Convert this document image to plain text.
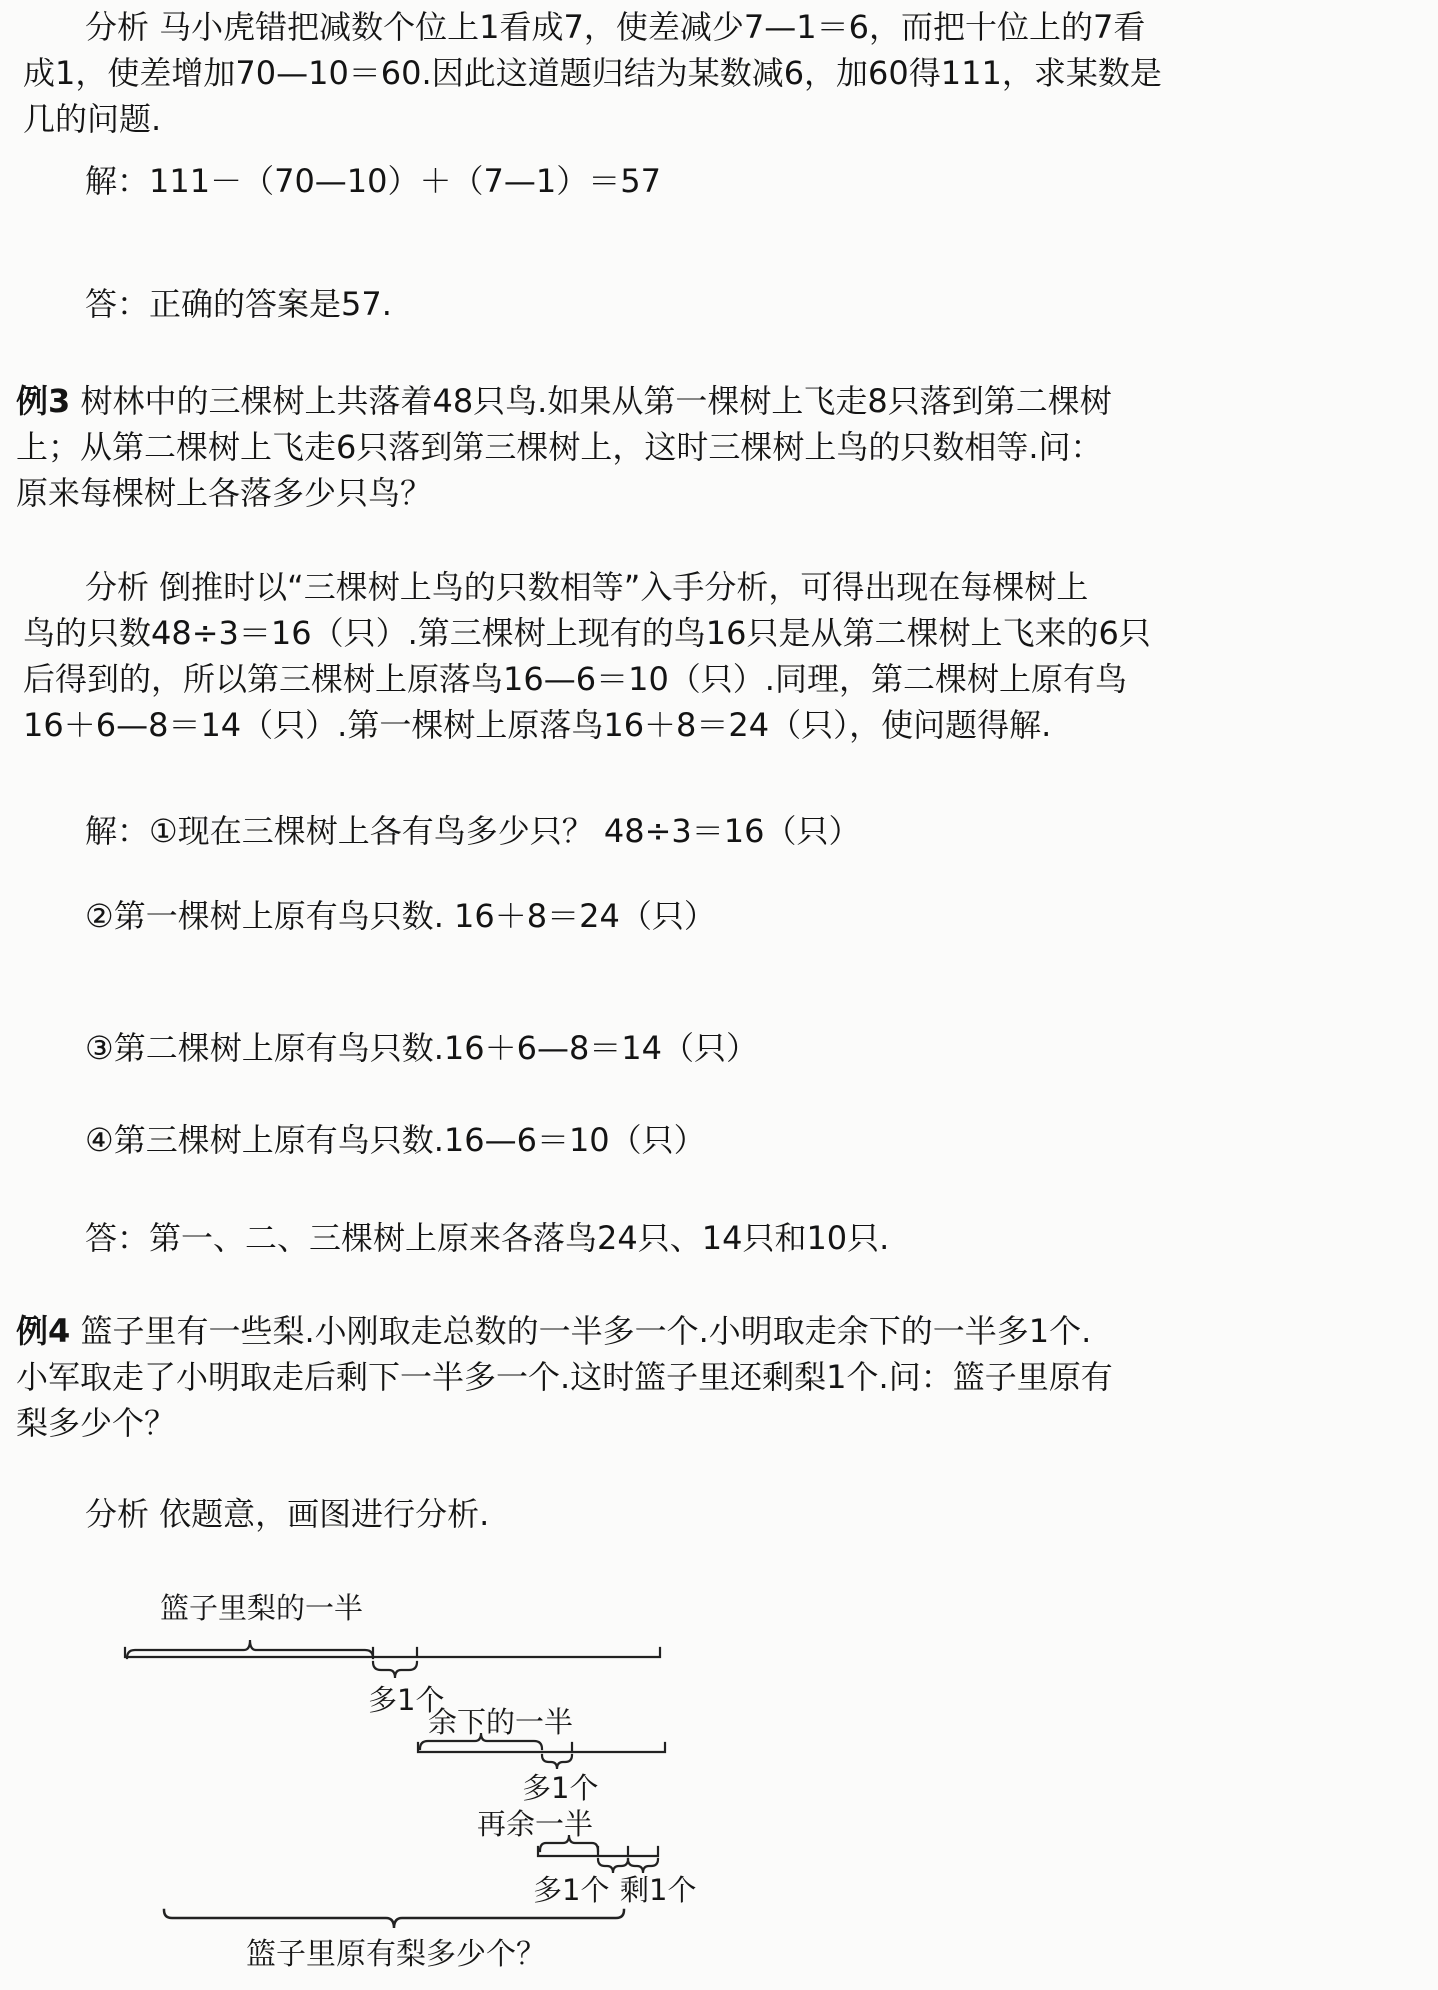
分析 马小虎错把减数个位上1看成7，使差减少7—1＝6，而把十位上的7看
成1，使差增加70—10＝60.因此这道题归结为某数减6，加60得111，求某数是
几的问题.
解：111－（70—10）＋（7—1）＝57
答：正确的答案是57.
例3 树林中的三棵树上共落着48只鸟.如果从第一棵树上飞走8只落到第二棵树
上；从第二棵树上飞走6只落到第三棵树上，这时三棵树上鸟的只数相等.问：
原来每棵树上各落多少只鸟？
分析 倒推时以“三棵树上鸟的只数相等”入手分析，可得出现在每棵树上
鸟的只数48÷3＝16（只）.第三棵树上现有的鸟16只是从第二棵树上飞来的6只
后得到的，所以第三棵树上原落鸟16—6＝10（只）.同理，第二棵树上原有鸟
16＋6—8＝14（只）.第一棵树上原落鸟16＋8＝24（只），使问题得解.
解：①现在三棵树上各有鸟多少只？ 48÷3＝16（只）
②第一棵树上原有鸟只数. 16＋8＝24（只）
③第二棵树上原有鸟只数.16＋6—8＝14（只）
④第三棵树上原有鸟只数.16—6＝10（只）
答：第一、二、三棵树上原来各落鸟24只、14只和10只.
例4 篮子里有一些梨.小刚取走总数的一半多一个.小明取走余下的一半多1个.
小军取走了小明取走后剩下一半多一个.这时篮子里还剩梨1个.问：篮子里原有
梨多少个？
分析 依题意，画图进行分析.
篮子里梨的一半
多1个
余下的一半
多1个
再余一半
多1个 剩1个
篮子里原有梨多少个？
